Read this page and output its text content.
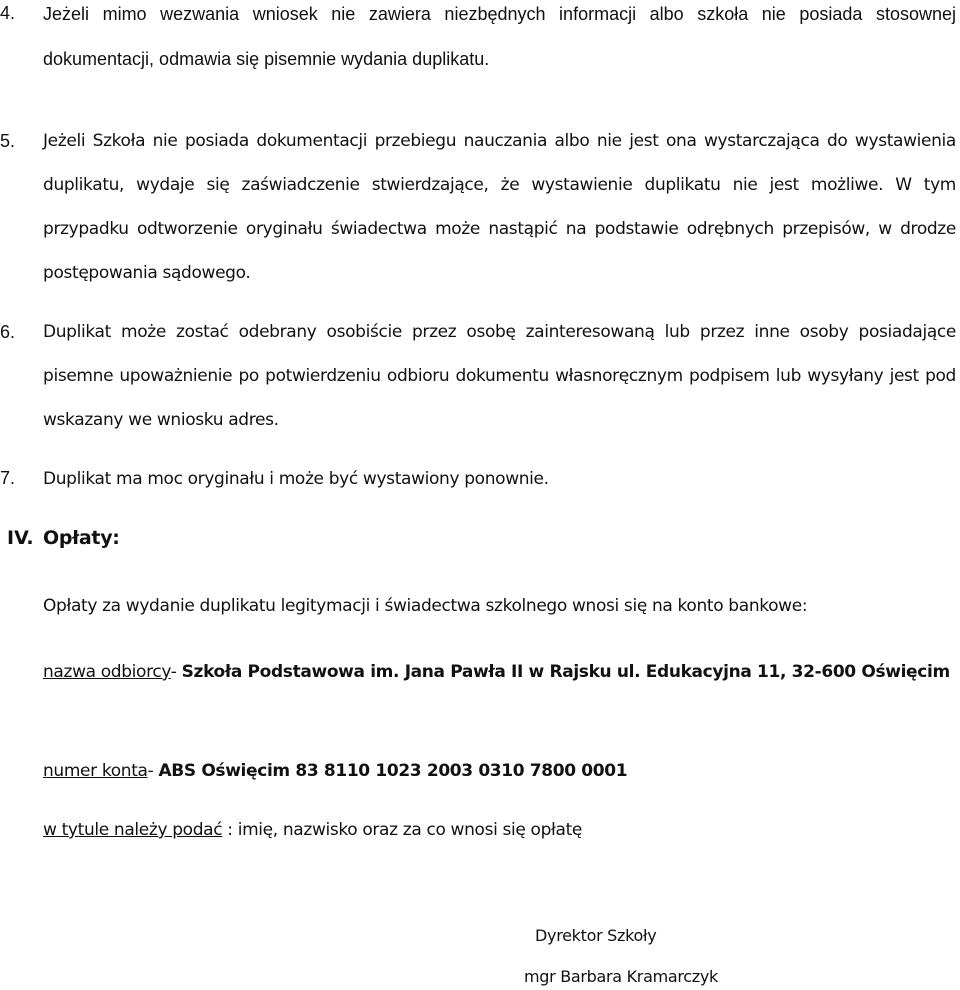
4. Jeżeli mimo wezwania wniosek nie zawiera niezbędnych informacji albo szkoła nie posiada stosownej dokumentacji, odmawia się pisemnie wydania duplikatu.
5. Jeżeli Szkoła nie posiada dokumentacji przebiegu nauczania albo nie jest ona wystarczająca do wystawienia duplikatu, wydaje się zaświadczenie stwierdzające, że wystawienie duplikatu nie jest możliwe. W tym przypadku odtworzenie oryginału świadectwa może nastąpić na podstawie odrębnych przepisów, w drodze postępowania sądowego.
6. Duplikat może zostać odebrany osobiście przez osobę zainteresowaną lub przez inne osoby posiadające pisemne upoważnienie po potwierdzeniu odbioru dokumentu własnoręcznym podpisem lub wysyłany jest pod wskazany we wniosku adres.
7. Duplikat ma moc oryginału i może być wystawiony ponownie.
IV. Opłaty:
Opłaty za wydanie duplikatu legitymacji i świadectwa szkolnego wnosi się na konto bankowe:
nazwa odbiorcy- Szkoła Podstawowa im. Jana Pawła II w Rajsku ul. Edukacyjna 11, 32-600 Oświęcim
numer konta- ABS Oświęcim 83 8110 1023 2003 0310 7800 0001
w tytule należy podać : imię, nazwisko oraz za co wnosi się opłatę
Dyrektor Szkoły
mgr Barbara Kramarczyk
